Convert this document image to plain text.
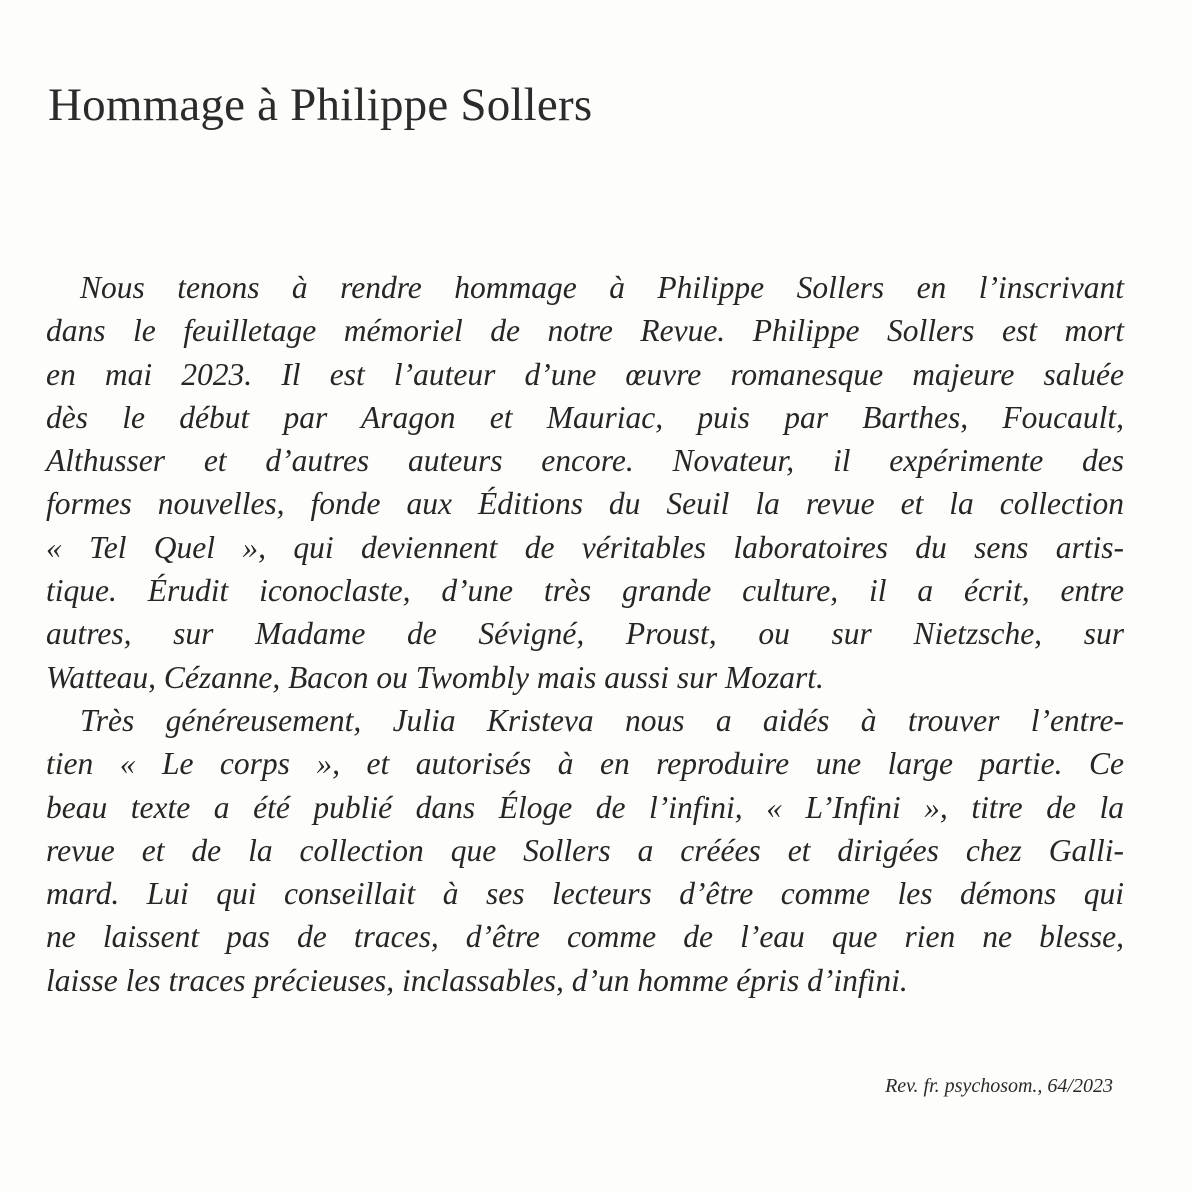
Hommage à Philippe Sollers
Nous tenons à rendre hommage à Philippe Sollers en l’inscrivant
dans le feuilletage mémoriel de notre Revue. Philippe Sollers est mort
en mai 2023. Il est l’auteur d’une œuvre romanesque majeure saluée
dès le début par Aragon et Mauriac, puis par Barthes, Foucault,
Althusser et d’autres auteurs encore. Novateur, il expérimente des
formes nouvelles, fonde aux Éditions du Seuil la revue et la collection
« Tel Quel », qui deviennent de véritables laboratoires du sens artis-
tique. Érudit iconoclaste, d’une très grande culture, il a écrit, entre
autres, sur Madame de Sévigné, Proust, ou sur Nietzsche, sur
Watteau, Cézanne, Bacon ou Twombly mais aussi sur Mozart.
Très généreusement, Julia Kristeva nous a aidés à trouver l’entre-
tien « Le corps », et autorisés à en reproduire une large partie. Ce
beau texte a été publié dans Éloge de l’infini, « L’Infini », titre de la
revue et de la collection que Sollers a créées et dirigées chez Galli-
mard. Lui qui conseillait à ses lecteurs d’être comme les démons qui
ne laissent pas de traces, d’être comme de l’eau que rien ne blesse,
laisse les traces précieuses, inclassables, d’un homme épris d’infini.
Rev. fr. psychosom., 64/2023
